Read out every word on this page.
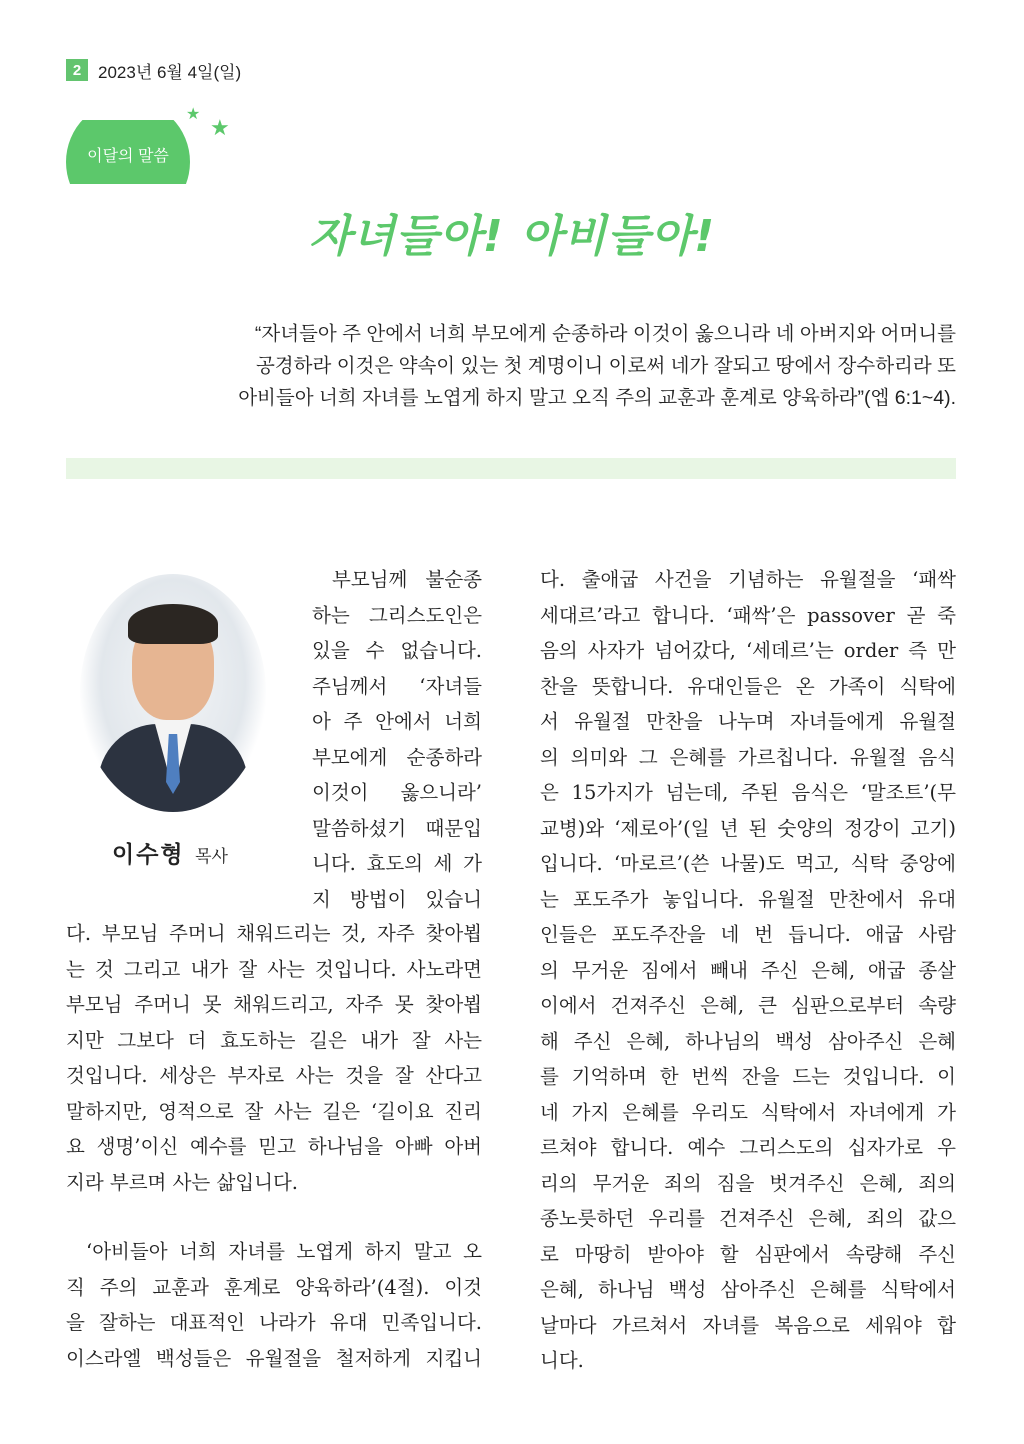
2 2023년 6월 4일(일)
이달의 말씀
★
★
자녀들아! 아비들아!
“자녀들아 주 안에서 너희 부모에게 순종하라 이것이 옳으니라 네 아버지와 어머니를
공경하라 이것은 약속이 있는 첫 계명이니 이로써 네가 잘되고 땅에서 장수하리라 또
아비들아 너희 자녀를 노엽게 하지 말고 오직 주의 교훈과 훈계로 양육하라”(엡 6:1~4).
이수형 목사
부모님께 불순종
하는 그리스도인은
있을 수 없습니다.
주님께서 ‘자녀들
아 주 안에서 너희
부모에게 순종하라
이것이 옳으니라’
말씀하셨기 때문입
니다. 효도의 세 가
지 방법이 있습니
다. 부모님 주머니 채워드리는 것, 자주 찾아뵙
는 것 그리고 내가 잘 사는 것입니다. 사노라면
부모님 주머니 못 채워드리고, 자주 못 찾아뵙
지만 그보다 더 효도하는 길은 내가 잘 사는
것입니다. 세상은 부자로 사는 것을 잘 산다고
말하지만, 영적으로 잘 사는 길은 ‘길이요 진리
요 생명’이신 예수를 믿고 하나님을 아빠 아버
지라 부르며 사는 삶입니다.
‘아비들아 너희 자녀를 노엽게 하지 말고 오
직 주의 교훈과 훈계로 양육하라’(4절). 이것
을 잘하는 대표적인 나라가 유대 민족입니다.
이스라엘 백성들은 유월절을 철저하게 지킵니
다. 출애굽 사건을 기념하는 유월절을 ‘패싹
세대르’라고 합니다. ‘패싹’은 passover 곧 죽
음의 사자가 넘어갔다, ‘세데르’는 order 즉 만
찬을 뜻합니다. 유대인들은 온 가족이 식탁에
서 유월절 만찬을 나누며 자녀들에게 유월절
의 의미와 그 은혜를 가르칩니다. 유월절 음식
은 15가지가 넘는데, 주된 음식은 ‘말조트’(무
교병)와 ‘제로아’(일 년 된 숫양의 정강이 고기)
입니다. ‘마로르’(쓴 나물)도 먹고, 식탁 중앙에
는 포도주가 놓입니다. 유월절 만찬에서 유대
인들은 포도주잔을 네 번 듭니다. 애굽 사람
의 무거운 짐에서 빼내 주신 은혜, 애굽 종살
이에서 건져주신 은혜, 큰 심판으로부터 속량
해 주신 은혜, 하나님의 백성 삼아주신 은혜
를 기억하며 한 번씩 잔을 드는 것입니다. 이
네 가지 은혜를 우리도 식탁에서 자녀에게 가
르쳐야 합니다. 예수 그리스도의 십자가로 우
리의 무거운 죄의 짐을 벗겨주신 은혜, 죄의
종노릇하던 우리를 건져주신 은혜, 죄의 값으
로 마땅히 받아야 할 심판에서 속량해 주신
은혜, 하나님 백성 삼아주신 은혜를 식탁에서
날마다 가르쳐서 자녀를 복음으로 세워야 합
니다.
